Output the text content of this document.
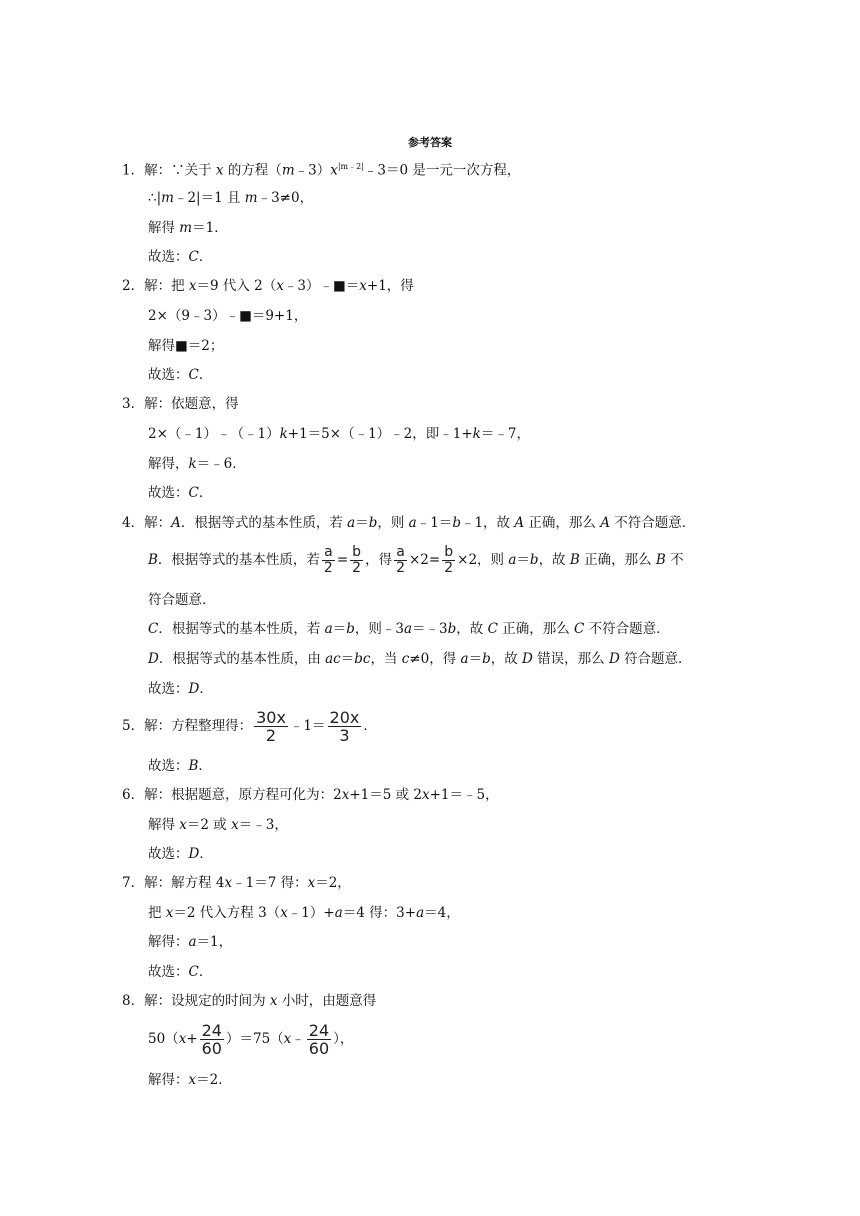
参考答案
1．解：∵关于 x 的方程$(m﹣3)x^{|m﹣2|}﹣3=0$ 是一元一次方程，
∴|m﹣2|＝1 且 m﹣3≠0，
解得 m＝1．
故选：C．
2．解：把 x＝9 代入 2（x﹣3）﹣■＝x+1，得
2×（9﹣3）﹣■＝9+1，
解得■＝2；
故选：C．
3．解：依题意，得
2×（﹣1）﹣（﹣1）k+1＝5×（﹣1）﹣2，即﹣1+k＝﹣7，
解得，k＝﹣6．
故选：C．
4．解：A．根据等式的基本性质，若 a＝b，则 a﹣1＝b﹣1，故 A 正确，那么 A 不符合题意．
B．根据等式的基本性质，若 $\frac{a}{2} = \frac{b}{2}$ ，得 $\frac{a}{2} \times 2= \frac{b}{2} \times 2$，则 a＝b，故 B 正确，那么 B 不
符合题意．
C．根据等式的基本性质，若 a＝b，则﹣3a＝﹣3b，故 C 正确，那么 C 不符合题意．
D．根据等式的基本性质，由 ac＝bc，当 c≠0，得 a＝b，故 D 错误，那么 D 符合题意．
故选：D．
5．解：方程整理得： $\frac{30x}{2}$ ﹣1＝ $\frac{20x}{3}$ ．
故选：B．
6．解：根据题意，原方程可化为：2x+1＝5 或 2x+1＝﹣5，
解得 x＝2 或 x＝﹣3，
故选：D．
7．解：解方程 4x﹣1＝7 得：x＝2，
把 x＝2 代入方程 3（x﹣1）+a＝4 得：3+a＝4，
解得：a＝1，
故选：C．
8．解：设规定的时间为 x 小时，由题意得
$50(x+ \frac{24}{60}$ ）＝75（x﹣ $\frac{24}{60}$ ），
解得：x＝2．
